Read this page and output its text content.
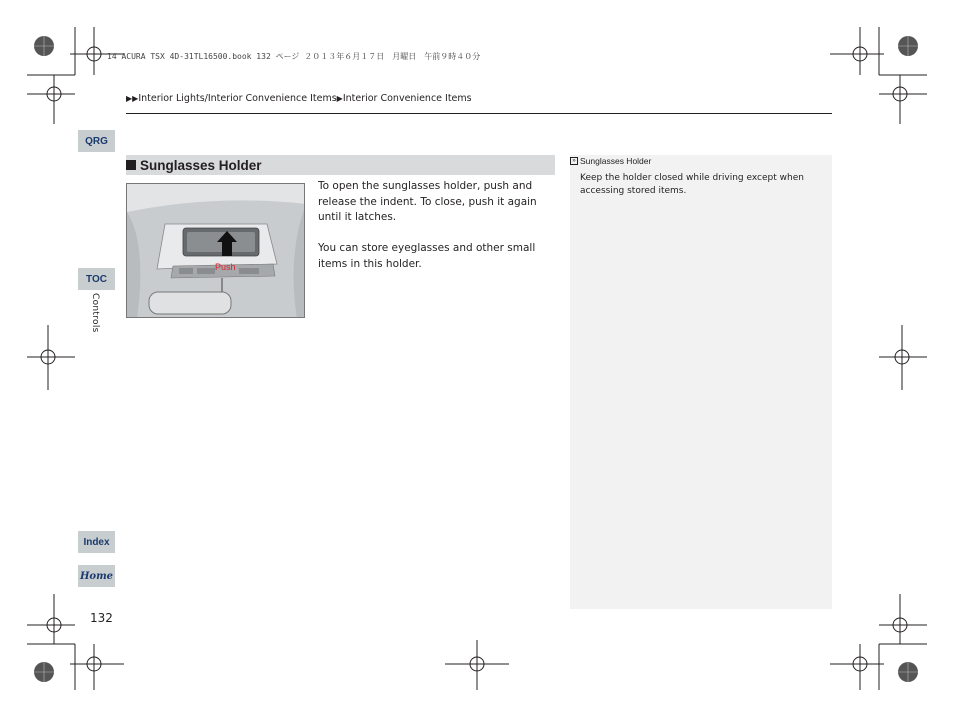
14 ACURA TSX 4D-31TL16500.book 132 ページ ２０１３年６月１７日　月曜日　午前９時４０分
▶▶Interior Lights/Interior Convenience Items▶Interior Convenience Items
QRG
TOC
Index
Home
Controls
132
Sunglasses Holder
Push

To open the sunglasses holder, push and release the indent. To close, push it again until it latches.

You can store eyeglasses and other small items in this holder.

» Sunglasses Holder

Keep the holder closed while driving except when accessing stored items.
